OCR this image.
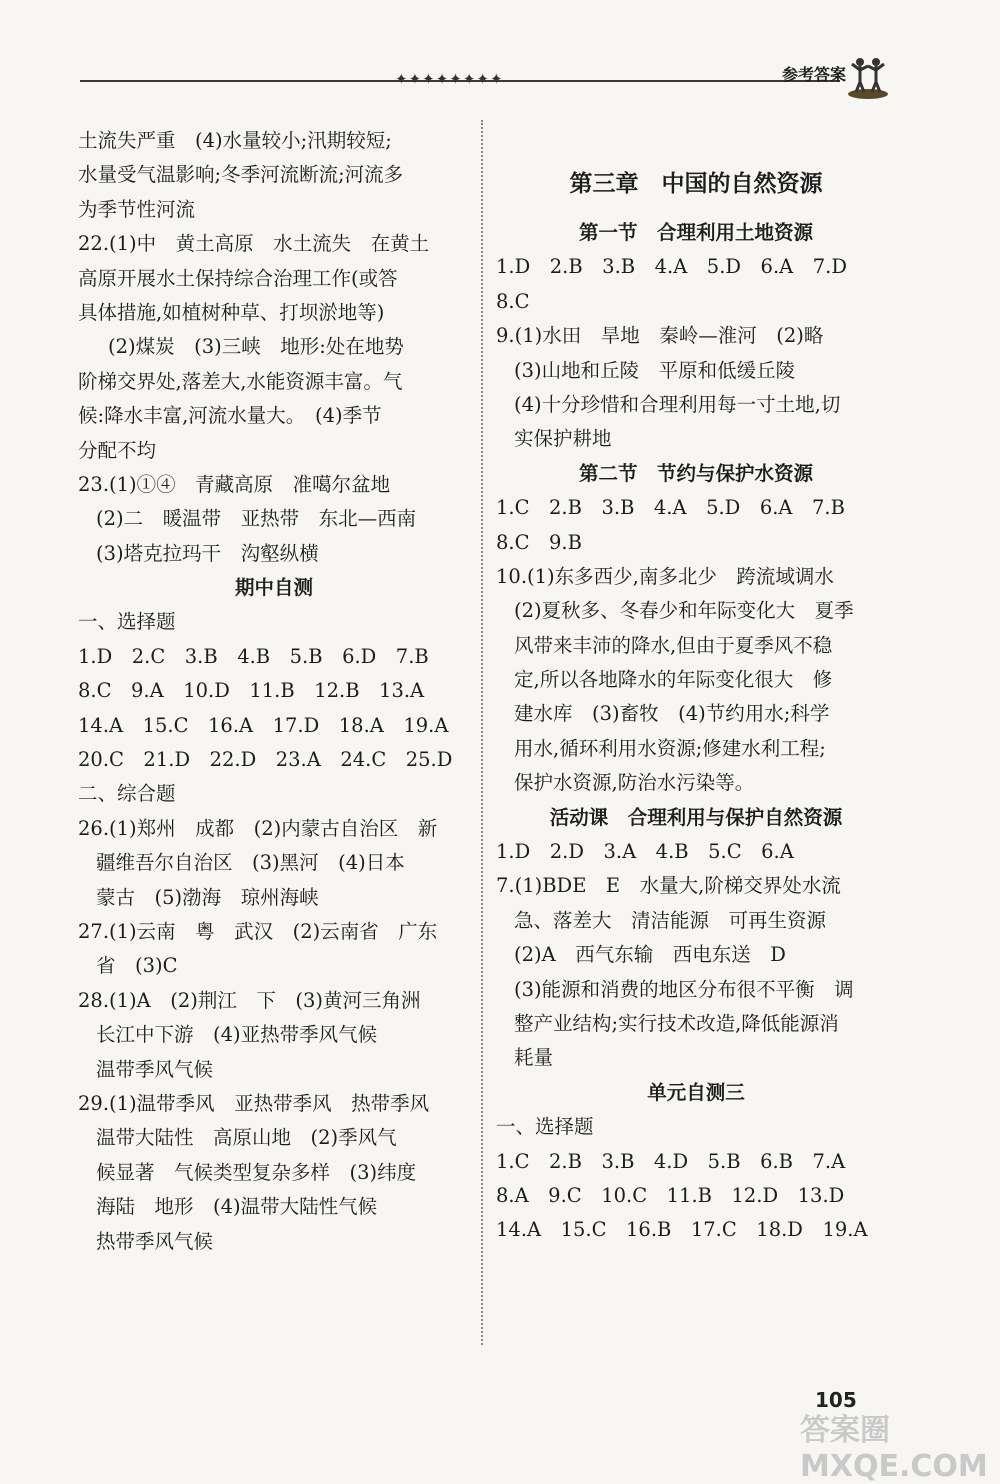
✦✦✦✦✦✦✦✦	参考答案
土流失严重　(4)水量较小;汛期较短;
水量受气温影响;冬季河流断流;河流多
为季节性河流
22.(1)中　黄土高原　水土流失　在黄土
高原开展水土保持综合治理工作(或答
具体措施,如植树种草、打坝淤地等)
(2)煤炭　(3)三峡　地形:处在地势
阶梯交界处,落差大,水能资源丰富。气
候:降水丰富,河流水量大。　(4)季节
分配不均
23.(1)①④　青藏高原　准噶尔盆地
(2)二　暖温带　亚热带　东北—西南
(3)塔克拉玛干　沟壑纵横
期中自测
一、选择题
1.D　2.C　3.B　4.B　5.B　6.D　7.B
8.C　9.A　10.D　11.B　12.B　13.A
14.A　15.C　16.A　17.D　18.A　19.A
20.C　21.D　22.D　23.A　24.C　25.D
二、综合题
26.(1)郑州　成都　(2)内蒙古自治区　新
疆维吾尔自治区　(3)黑河　(4)日本
蒙古　(5)渤海　琼州海峡
27.(1)云南　粤　武汉　(2)云南省　广东
省　(3)C
28.(1)A　(2)荆江　下　(3)黄河三角洲
长江中下游　(4)亚热带季风气候
温带季风气候
29.(1)温带季风　亚热带季风　热带季风
温带大陆性　高原山地　(2)季风气
候显著　气候类型复杂多样　(3)纬度
海陆　地形　(4)温带大陆性气候
热带季风气候
第三章　中国的自然资源
第一节　合理利用土地资源
1.D　2.B　3.B　4.A　5.D　6.A　7.D
8.C
9.(1)水田　旱地　秦岭—淮河　(2)略
(3)山地和丘陵　平原和低缓丘陵
(4)十分珍惜和合理利用每一寸土地,切
实保护耕地
第二节　节约与保护水资源
1.C　2.B　3.B　4.A　5.D　6.A　7.B
8.C　9.B
10.(1)东多西少,南多北少　跨流域调水
(2)夏秋多、冬春少和年际变化大　夏季
风带来丰沛的降水,但由于夏季风不稳
定,所以各地降水的年际变化很大　修
建水库　(3)畜牧　(4)节约用水;科学
用水,循环利用水资源;修建水利工程;
保护水资源,防治水污染等。
活动课　合理利用与保护自然资源
1.D　2.D　3.A　4.B　5.C　6.A
7.(1)BDE　E　水量大,阶梯交界处水流
急、落差大　清洁能源　可再生资源
(2)A　西气东输　西电东送　D
(3)能源和消费的地区分布很不平衡　调
整产业结构;实行技术改造,降低能源消
耗量
单元自测三
一、选择题
1.C　2.B　3.B　4.D　5.B　6.B　7.A
8.A　9.C　10.C　11.B　12.D　13.D
14.A　15.C　16.B　17.C　18.D　19.A
105
答案圈 MXQE.COM
